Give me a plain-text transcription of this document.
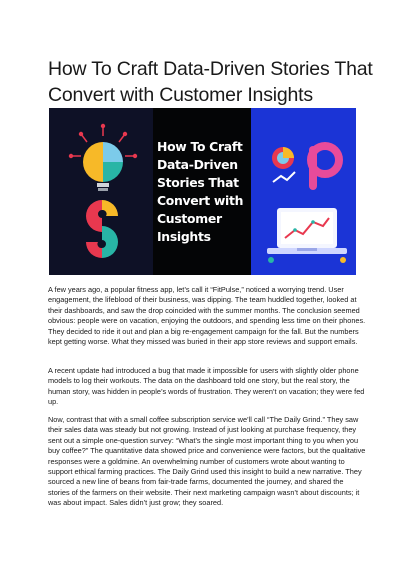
How To Craft Data-Driven Stories That Convert with Customer Insights
How To Craft Data-Driven Stories That Convert with Customer Insights

A few years ago, a popular fitness app, let’s call it “FitPulse,” noticed a worrying trend. User engagement, the lifeblood of their business, was dipping. The team huddled together, looked at their dashboards, and saw the drop coincided with the summer months. The conclusion seemed obvious: people were on vacation, enjoying the outdoors, and spending less time on their phones. They decided to ride it out and plan a big re-engagement campaign for the fall. But the numbers kept getting worse. What they missed was buried in their app store reviews and support emails.

A recent update had introduced a bug that made it impossible for users with slightly older phone models to log their workouts. The data on the dashboard told one story, but the real story, the human story, was hidden in people’s words of frustration. They weren’t on vacation; they were fed up.

Now, contrast that with a small coffee subscription service we’ll call “The Daily Grind.” They saw their sales data was steady but not growing. Instead of just looking at purchase frequency, they sent out a simple one-question survey: “What’s the single most important thing to you when you buy coffee?” The quantitative data showed price and convenience were factors, but the qualitative responses were a goldmine. An overwhelming number of customers wrote about wanting to support ethical farming practices. The Daily Grind used this insight to build a new narrative. They sourced a new line of beans from fair-trade farms, documented the journey, and shared the stories of the farmers on their website. Their next marketing campaign wasn’t about discounts; it was about impact. Sales didn’t just grow; they soared.
